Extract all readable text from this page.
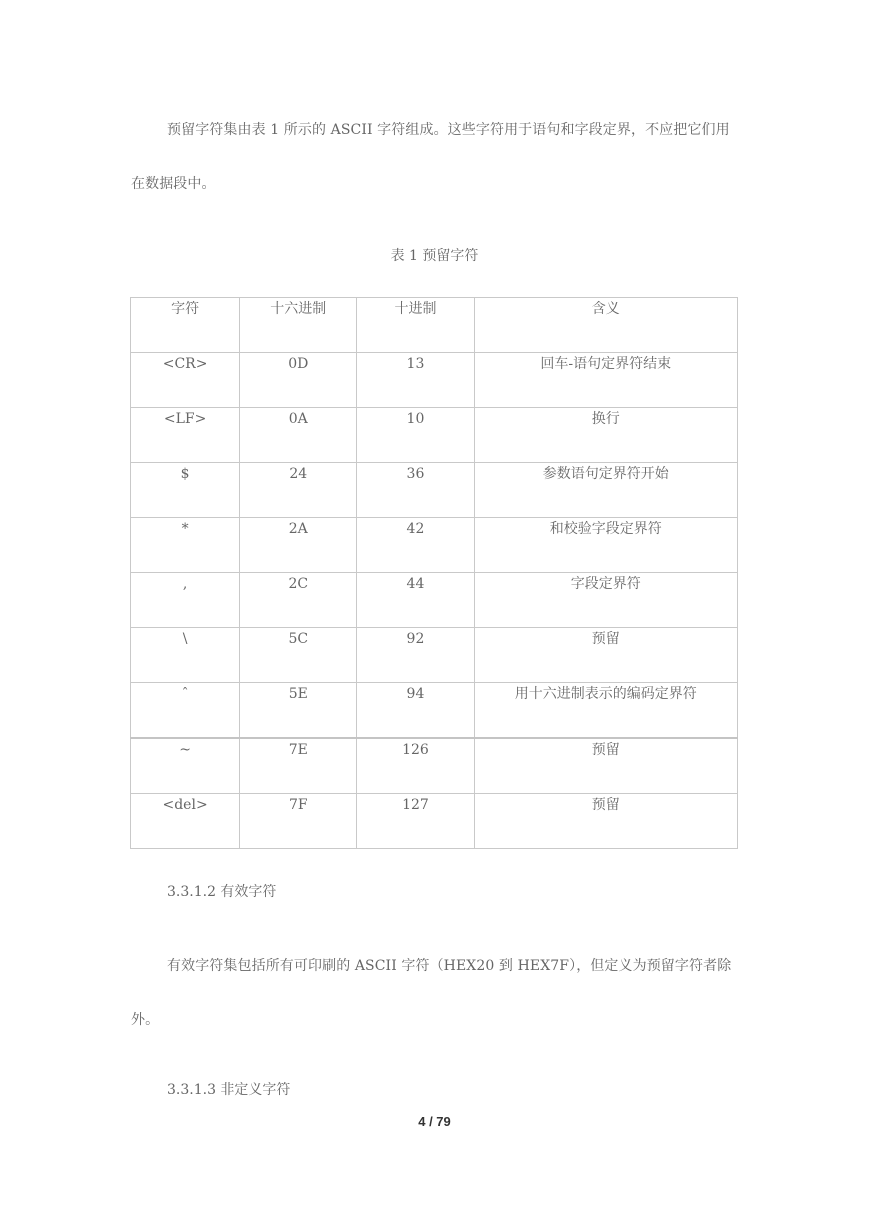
预留字符集由表 1 所示的 ASCII 字符组成。这些字符用于语句和字段定界，不应把它们用在数据段中。

表 1 预留字符

字符	十六进制	十进制	含义

<CR>	0D	13	回车-语句定界符结束

<LF>	0A	10	换行

$	24	36	参数语句定界符开始

*	2A	42	和校验字段定界符

,	2C	44	字段定界符

\	5C	92	预留

ˆ	5E	94	用十六进制表示的编码定界符

~	7E	126	预留

<del>	7F	127	预留

3.3.1.2 有效字符

有效字符集包括所有可印刷的 ASCII 字符（HEX20 到 HEX7F），但定义为预留字符者除外。

3.3.1.3 非定义字符

4 / 79
